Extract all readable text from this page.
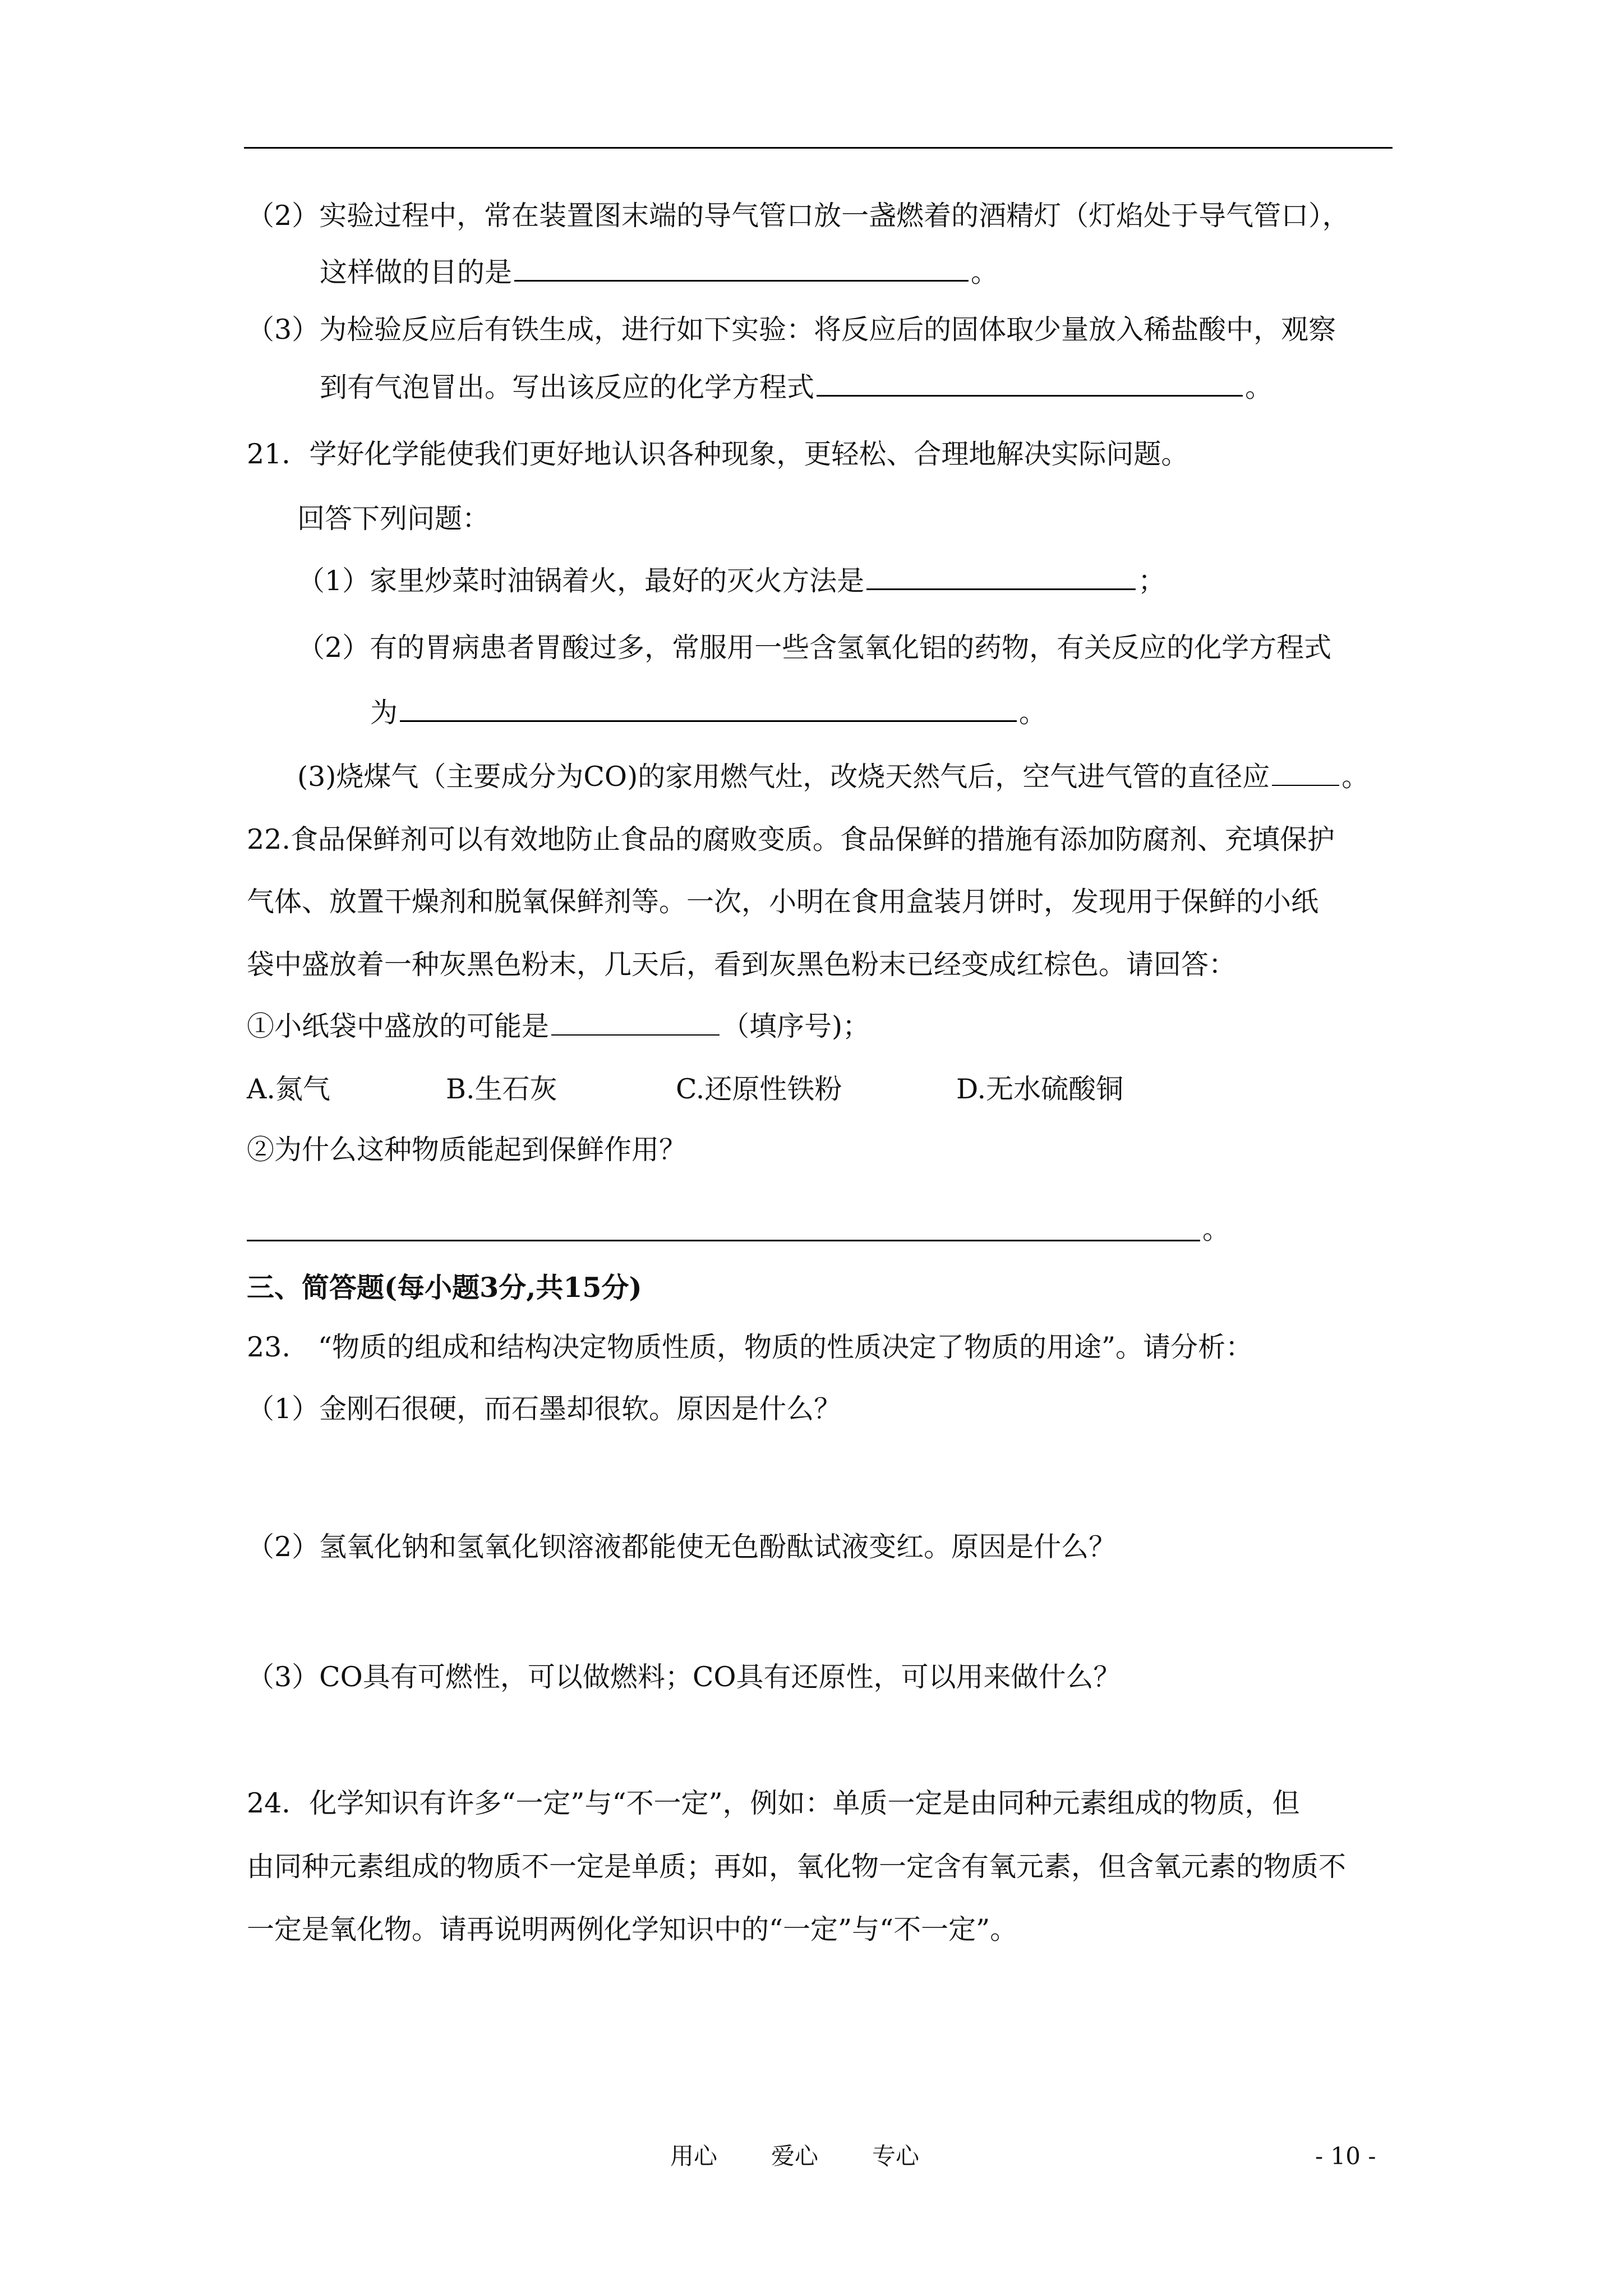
（2）实验过程中，常在装置图末端的导气管口放一盏燃着的酒精灯（灯焰处于导气管口），
这样做的目的是	。
（3）为检验反应后有铁生成，进行如下实验：将反应后的固体取少量放入稀盐酸中，观察
到有气泡冒出。写出该反应的化学方程式	。
21．学好化学能使我们更好地认识各种现象，更轻松、合理地解决实际问题。
回答下列问题：
（1）家里炒菜时油锅着火，最好的灭火方法是	；
（2）有的胃病患者胃酸过多，常服用一些含氢氧化铝的药物，有关反应的化学方程式
为	。
(3)烧煤气（主要成分为CO)的家用燃气灶，改烧天然气后，空气进气管的直径应	。
22.食品保鲜剂可以有效地防止食品的腐败变质。食品保鲜的措施有添加防腐剂、充填保护
气体、放置干燥剂和脱氧保鲜剂等。一次，小明在食用盒装月饼时，发现用于保鲜的小纸
袋中盛放着一种灰黑色粉末，几天后，看到灰黑色粉末已经变成红棕色。请回答：
①小纸袋中盛放的可能是	（填序号)；
A.氮气	B.生石灰	C.还原性铁粉	D.无水硫酸铜
②为什么这种物质能起到保鲜作用？
。
三、简答题(每小题3分,共15分)
23.　“物质的组成和结构决定物质性质，物质的性质决定了物质的用途”。请分析：
（1）金刚石很硬，而石墨却很软。原因是什么？
（2）氢氧化钠和氢氧化钡溶液都能使无色酚酞试液变红。原因是什么？
（3）CO具有可燃性，可以做燃料；CO具有还原性，可以用来做什么？
24．化学知识有许多“一定”与“不一定”，例如：单质一定是由同种元素组成的物质，但
由同种元素组成的物质不一定是单质；再如，氧化物一定含有氧元素，但含氧元素的物质不
一定是氧化物。请再说明两例化学知识中的“一定”与“不一定”。
用心 爱心 专心	- 10 -
